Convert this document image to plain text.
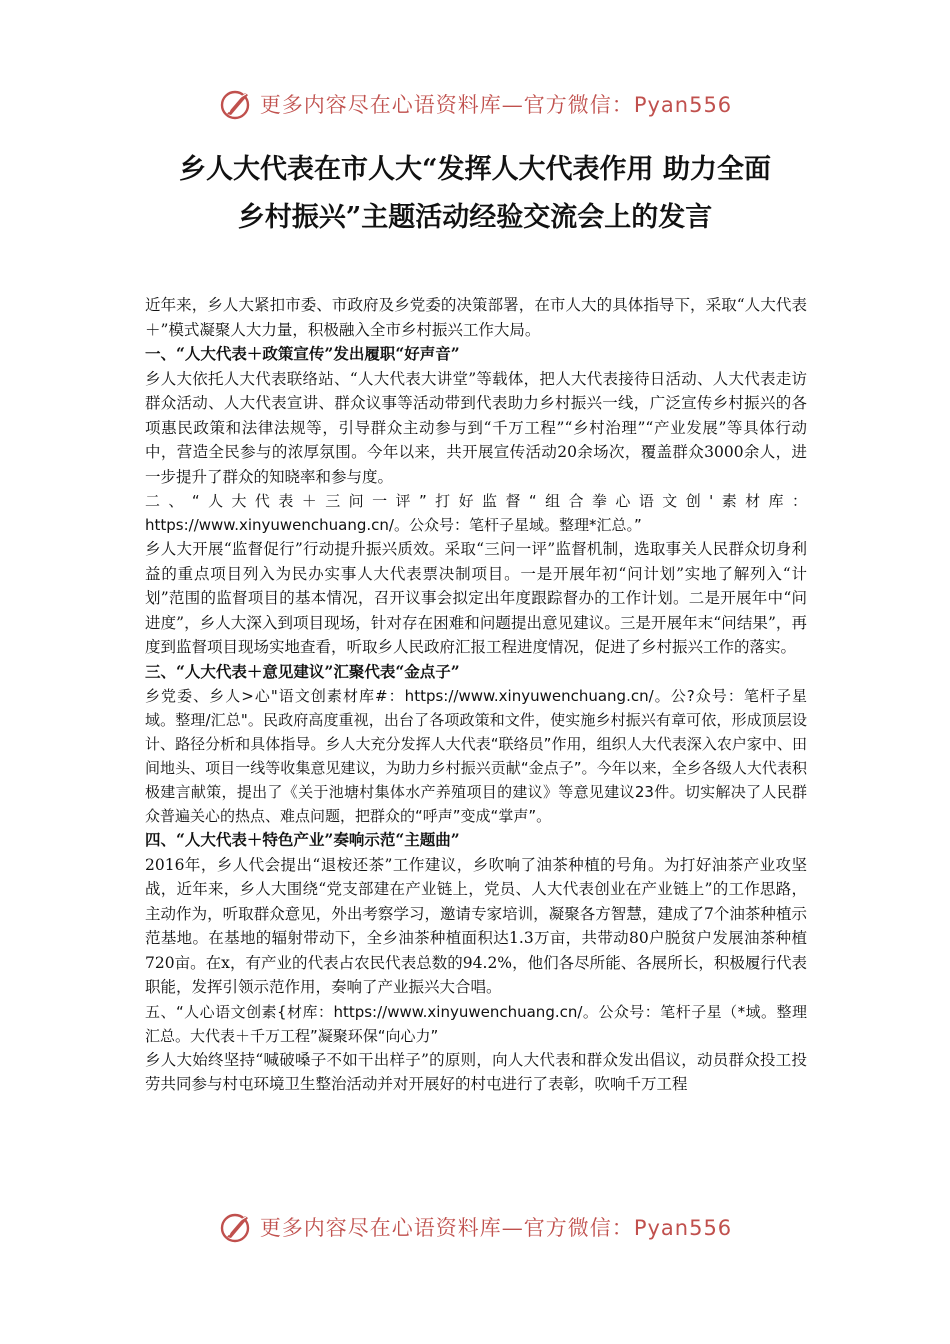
更多内容尽在心语资料库—官方微信：Pyan556
乡人大代表在市人大“发挥人大代表作用 助力全面
乡村振兴”主题活动经验交流会上的发言

近年来，乡人大紧扣市委、市政府及乡党委的决策部署，在市人大的具体指导下，采取“人大代表＋”模式凝聚人大力量，积极融入全市乡村振兴工作大局。

一、“人大代表＋政策宣传”发出履职“好声音”

乡人大依托人大代表联络站、“人大代表大讲堂”等载体，把人大代表接待日活动、人大代表走访群众活动、人大代表宣讲、群众议事等活动带到代表助力乡村振兴一线，广泛宣传乡村振兴的各项惠民政策和法律法规等，引导群众主动参与到“千万工程”“乡村治理”“产业发展”等具体行动中，营造全民参与的浓厚氛围。今年以来，共开展宣传活动20余场次，覆盖群众3000余人，进一步提升了群众的知晓率和参与度。

二、“人大代表＋三问一评”打好监督“组合拳心语文创'素材库：https://www.xinyuwenchuang.cn/。公众号：笔杆子星域。整理*汇总。”

乡人大开展“监督促行”行动提升振兴质效。采取“三问一评”监督机制，选取事关人民群众切身利益的重点项目列入为民办实事人大代表票决制项目。一是开展年初“问计划”实地了解列入“计划”范围的监督项目的基本情况，召开议事会拟定出年度跟踪督办的工作计划。二是开展年中“问进度”，乡人大深入到项目现场，针对存在困难和问题提出意见建议。三是开展年末“问结果”，再度到监督项目现场实地查看，听取乡人民政府汇报工程进度情况，促进了乡村振兴工作的落实。

三、“人大代表＋意见建议”汇聚代表“金点子”

乡党委、乡人>心"语文创素材库#：https://www.xinyuwenchuang.cn/。公?众号：笔杆子星域。整理/汇总"。民政府高度重视，出台了各项政策和文件，使实施乡村振兴有章可依，形成顶层设计、路径分析和具体指导。乡人大充分发挥人大代表“联络员”作用，组织人大代表深入农户家中、田间地头、项目一线等收集意见建议，为助力乡村振兴贡献“金点子”。今年以来，全乡各级人大代表积极建言献策，提出了《关于池塘村集体水产养殖项目的建议》等意见建议23件。切实解决了人民群众普遍关心的热点、难点问题，把群众的“呼声”变成“掌声”。

四、“人大代表＋特色产业”奏响示范“主题曲”

2016年，乡人代会提出“退桉还茶”工作建议，乡吹响了油茶种植的号角。为打好油茶产业攻坚战，近年来，乡人大围绕“党支部建在产业链上，党员、人大代表创业在产业链上”的工作思路，主动作为，听取群众意见，外出考察学习，邀请专家培训，凝聚各方智慧，建成了7个油茶种植示范基地。在基地的辐射带动下，全乡油茶种植面积达1.3万亩，共带动80户脱贫户发展油茶种植720亩。在x，有产业的代表占农民代表总数的94.2%，他们各尽所能、各展所长，积极履行代表职能，发挥引领示范作用，奏响了产业振兴大合唱。

五、“人心语文创素{材库：https://www.xinyuwenchuang.cn/。公众号：笔杆子星（*域。整理汇总。大代表＋千万工程”凝聚环保“向心力”

乡人大始终坚持“喊破嗓子不如干出样子”的原则，向人大代表和群众发出倡议，动员群众投工投劳共同参与村屯环境卫生整治活动并对开展好的村屯进行了表彰，吹响千万工程

更多内容尽在心语资料库—官方微信：Pyan556
